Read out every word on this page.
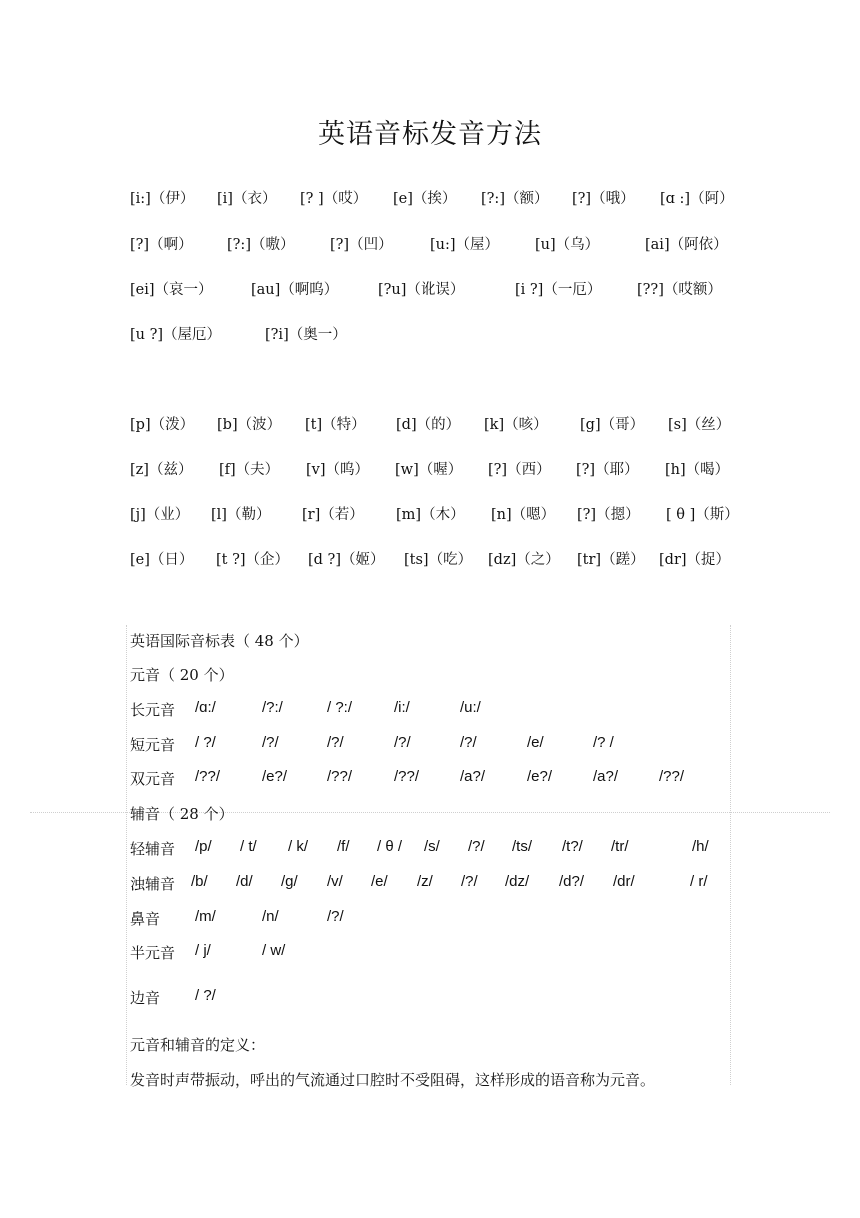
英语音标发音方法
[i:]（伊） [i]（衣） [? ]（哎） [e]（挨） [?:]（额） [?]（哦） [ɑ :]（阿）
[?]（啊） [?:]（嗷） [?]（凹）	[u:]（屋） [u]（乌）	[ai]（阿依）
[ei]（哀一）	[au]（啊呜）	[?u]（讹误）	[i ?]（一厄） [??]（哎额）
[u ?]（屋厄）	[?i]（奥一）
[p]（泼） [b]（波） [t]（特） [d]（的） [k]（咳） [g]（哥） [s]（丝）
[z]（兹） [f]（夫） [v]（呜） [w]（喔） [?]（西） [?]（耶） [h]（喝）
[j]（业） [l]（勒） [r]（若） [m]（木） [n]（嗯） [?]（摁） [ θ ]（斯）
[e]（日） [t ?]（企） [d ?]（姬） [ts]（吃） [dz]（之） [tr]（蹉） [dr]（捉）
英语国际音标表（ 48 个）
元音（ 20 个）
长元音 /ɑ:/	/?:/	/ ?:/	/i:/	/u:/
短元音 / ?/	/?/	/?/	/?/	/?/	/e/	/? /
双元音 /??/	/e?/	/??/	/??/	/a?/	/e?/	/a?/	/??/
辅音（ 28 个）
轻辅音 /p/ / t/ / k/ /f/ / θ / /s/ /?/ /ts/ /t?/ /tr/	/h/
浊辅音 /b/ /d/ /g/ /v/ /e/ /z/ /?/ /dz/ /d?/ /dr/	/ r/
鼻音 /m/	/n/	/?/
半元音 / j/	/ w/
边音 / ?/
元音和辅音的定义：
发音时声带振动，呼出的气流通过口腔时不受阻碍，这样形成的语音称为元音。
